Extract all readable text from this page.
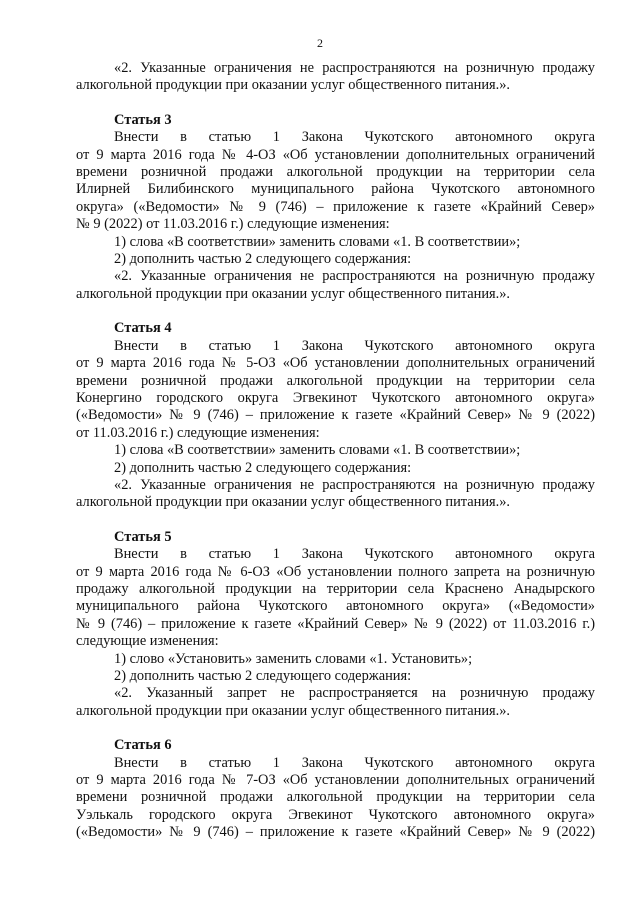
2
«2. Указанные ограничения не распространяются на розничную продажу
алкогольной продукции при оказании услуг общественного питания.».
Статья 3
Внести в статью 1 Закона Чукотского автономного округа
от 9 марта 2016 года № 4-ОЗ «Об установлении дополнительных ограничений
времени розничной продажи алкогольной продукции на территории села
Илирней Билибинского муниципального района Чукотского автономного
округа» («Ведомости» № 9 (746) – приложение к газете «Крайний Север»
№ 9 (2022) от 11.03.2016 г.) следующие изменения:
1) слова «В соответствии» заменить словами «1. В соответствии»;
2) дополнить частью 2 следующего содержания:
«2. Указанные ограничения не распространяются на розничную продажу
алкогольной продукции при оказании услуг общественного питания.».
Статья 4
Внести в статью 1 Закона Чукотского автономного округа
от 9 марта 2016 года № 5-ОЗ «Об установлении дополнительных ограничений
времени розничной продажи алкогольной продукции на территории села
Конергино городского округа Эгвекинот Чукотского автономного округа»
(«Ведомости» № 9 (746) – приложение к газете «Крайний Север» № 9 (2022)
от 11.03.2016 г.) следующие изменения:
1) слова «В соответствии» заменить словами «1. В соответствии»;
2) дополнить частью 2 следующего содержания:
«2. Указанные ограничения не распространяются на розничную продажу
алкогольной продукции при оказании услуг общественного питания.».
Статья 5
Внести в статью 1 Закона Чукотского автономного округа
от 9 марта 2016 года № 6-ОЗ «Об установлении полного запрета на розничную
продажу алкогольной продукции на территории села Краснено Анадырского
муниципального района Чукотского автономного округа» («Ведомости»
№ 9 (746) – приложение к газете «Крайний Север» № 9 (2022) от 11.03.2016 г.)
следующие изменения:
1) слово «Установить» заменить словами «1. Установить»;
2) дополнить частью 2 следующего содержания:
«2. Указанный запрет не распространяется на розничную продажу
алкогольной продукции при оказании услуг общественного питания.».
Статья 6
Внести в статью 1 Закона Чукотского автономного округа
от 9 марта 2016 года № 7-ОЗ «Об установлении дополнительных ограничений
времени розничной продажи алкогольной продукции на территории села
Уэлькаль городского округа Эгвекинот Чукотского автономного округа»
(«Ведомости» № 9 (746) – приложение к газете «Крайний Север» № 9 (2022)
